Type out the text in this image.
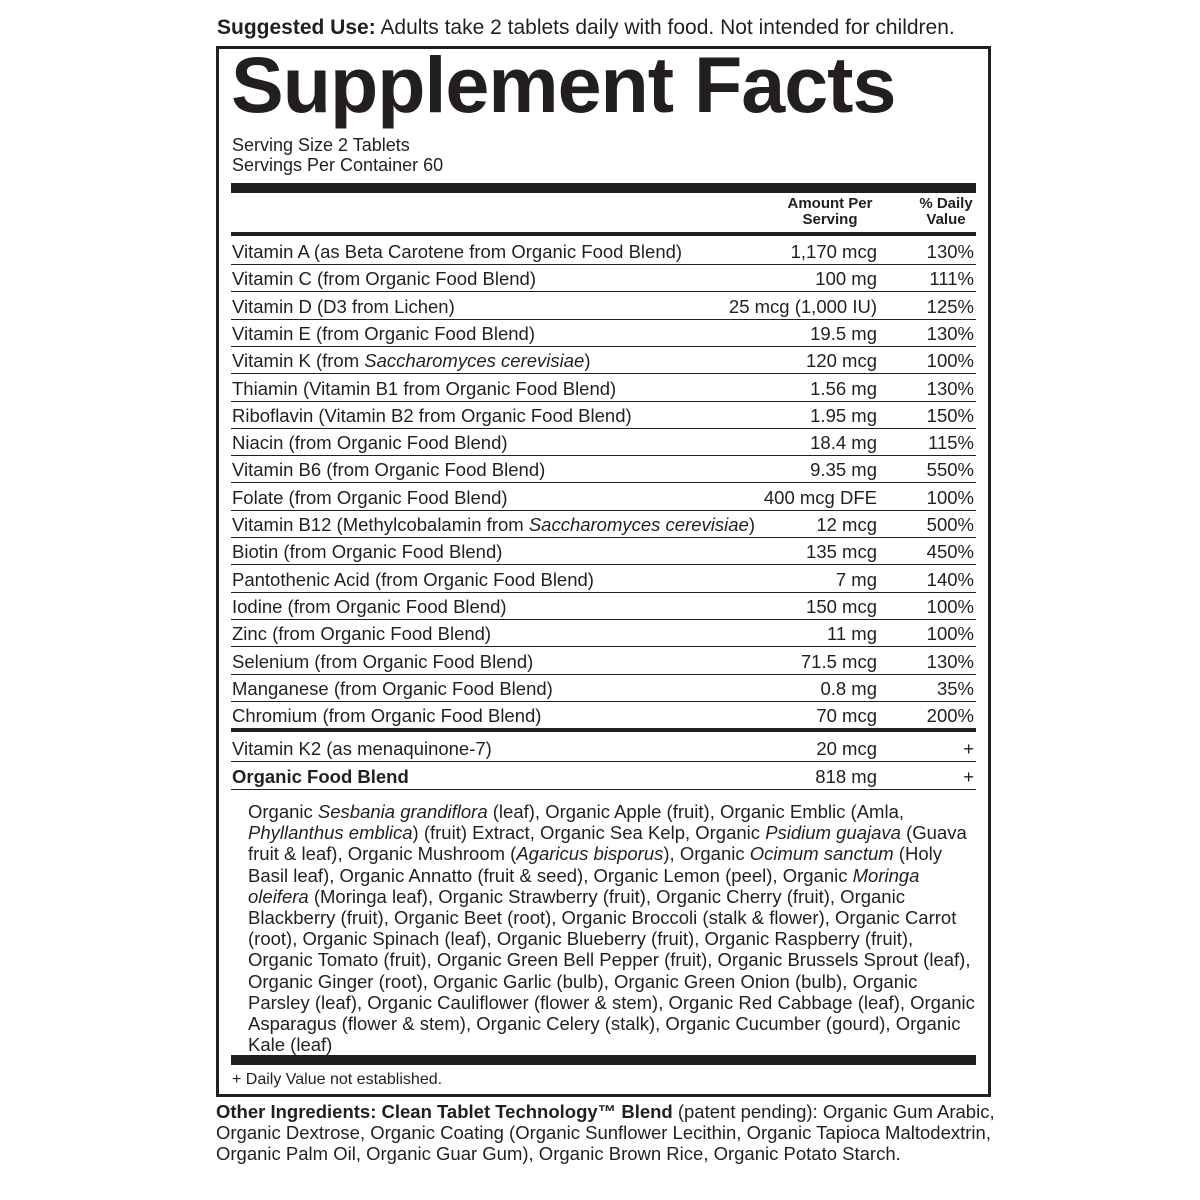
Suggested Use: Adults take 2 tablets daily with food. Not intended for children.
Supplement Facts
Serving Size 2 Tablets
Servings Per Container 60
Amount Per Serving
% Daily Value
Organic Sesbania grandiflora (leaf), Organic Apple (fruit), Organic Emblic (Amla, Phyllanthus emblica) (fruit) Extract, Organic Sea Kelp, Organic Psidium guajava (Guava fruit & leaf), Organic Mushroom (Agaricus bisporus), Organic Ocimum sanctum (Holy Basil leaf), Organic Annatto (fruit & seed), Organic Lemon (peel), Organic Moringa oleifera (Moringa leaf), Organic Strawberry (fruit), Organic Cherry (fruit), Organic Blackberry (fruit), Organic Beet (root), Organic Broccoli (stalk & flower), Organic Carrot (root), Organic Spinach (leaf), Organic Blueberry (fruit), Organic Raspberry (fruit), Organic Tomato (fruit), Organic Green Bell Pepper (fruit), Organic Brussels Sprout (leaf), Organic Ginger (root), Organic Garlic (bulb), Organic Green Onion (bulb), Organic Parsley (leaf), Organic Cauliflower (flower & stem), Organic Red Cabbage (leaf), Organic Asparagus (flower & stem), Organic Celery (stalk), Organic Cucumber (gourd), Organic Kale (leaf)
+ Daily Value not established.
Vitamin A (as Beta Carotene from Organic Food Blend)	1,170 mcg	130%
Vitamin C (from Organic Food Blend)	100 mg	111%
Vitamin D (D3 from Lichen)	25 mcg (1,000 IU)	125%
Vitamin E (from Organic Food Blend)	19.5 mg	130%
Vitamin K (from Saccharomyces cerevisiae)	120 mcg	100%
Thiamin (Vitamin B1 from Organic Food Blend)	1.56 mg	130%
Riboflavin (Vitamin B2 from Organic Food Blend)	1.95 mg	150%
Niacin (from Organic Food Blend)	18.4 mg	115%
Vitamin B6 (from Organic Food Blend)	9.35 mg	550%
Folate (from Organic Food Blend)	400 mcg DFE	100%
Vitamin B12 (Methylcobalamin from Saccharomyces cerevisiae)	12 mcg	500%
Biotin (from Organic Food Blend)	135 mcg	450%
Pantothenic Acid (from Organic Food Blend)	7 mg	140%
Iodine (from Organic Food Blend)	150 mcg	100%
Zinc (from Organic Food Blend)	11 mg	100%
Selenium (from Organic Food Blend)	71.5 mcg	130%
Manganese (from Organic Food Blend)	0.8 mg	35%
Chromium (from Organic Food Blend)	70 mcg	200%
Vitamin K2 (as menaquinone-7)	20 mcg	+
Organic Food Blend	818 mg	+
Other Ingredients: Clean Tablet Technology™ Blend (patent pending): Organic Gum Arabic, Organic Dextrose, Organic Coating (Organic Sunflower Lecithin, Organic Tapioca Maltodextrin, Organic Palm Oil, Organic Guar Gum), Organic Brown Rice, Organic Potato Starch.
